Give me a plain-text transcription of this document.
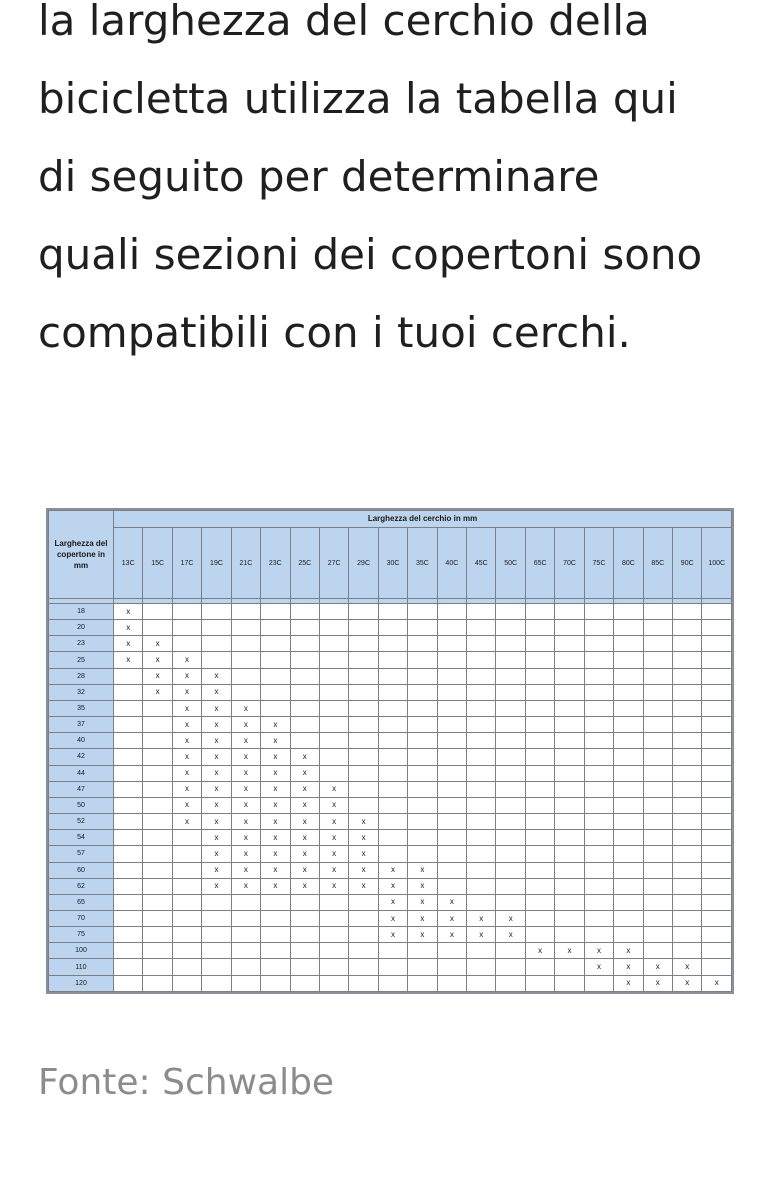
la larghezza del cerchio della
bicicletta utilizza la tabella qui
di seguito per determinare
quali sezioni dei copertoni sono
compatibili con i tuoi cerchi.

Larghezza del copertone in mm	Larghezza del cerchio in mm																				
	13C	15C	17C	19C	21C	23C	25C	27C	29C	30C	35C	40C	45C	50C	65C	70C	75C	80C	85C	90C	100C

18	x																				
20	x																				
23	x	x																			
25	x	x	x																		
28		x	x	x																	
32		x	x	x																	
35			x	x	x																
37			x	x	x	x															
40			x	x	x	x															
42			x	x	x	x	x														
44			x	x	x	x	x														
47			x	x	x	x	x	x													
50			x	x	x	x	x	x													
52			x	x	x	x	x	x	x												
54				x	x	x	x	x	x												
57				x	x	x	x	x	x												
60				x	x	x	x	x	x	x	x										
62				x	x	x	x	x	x	x	x										
65										x	x	x									
70										x	x	x	x	x							
75										x	x	x	x	x							
100															x	x	x	x			
110																	x	x	x	x	
120																		x	x	x	x

Fonte: Schwalbe
